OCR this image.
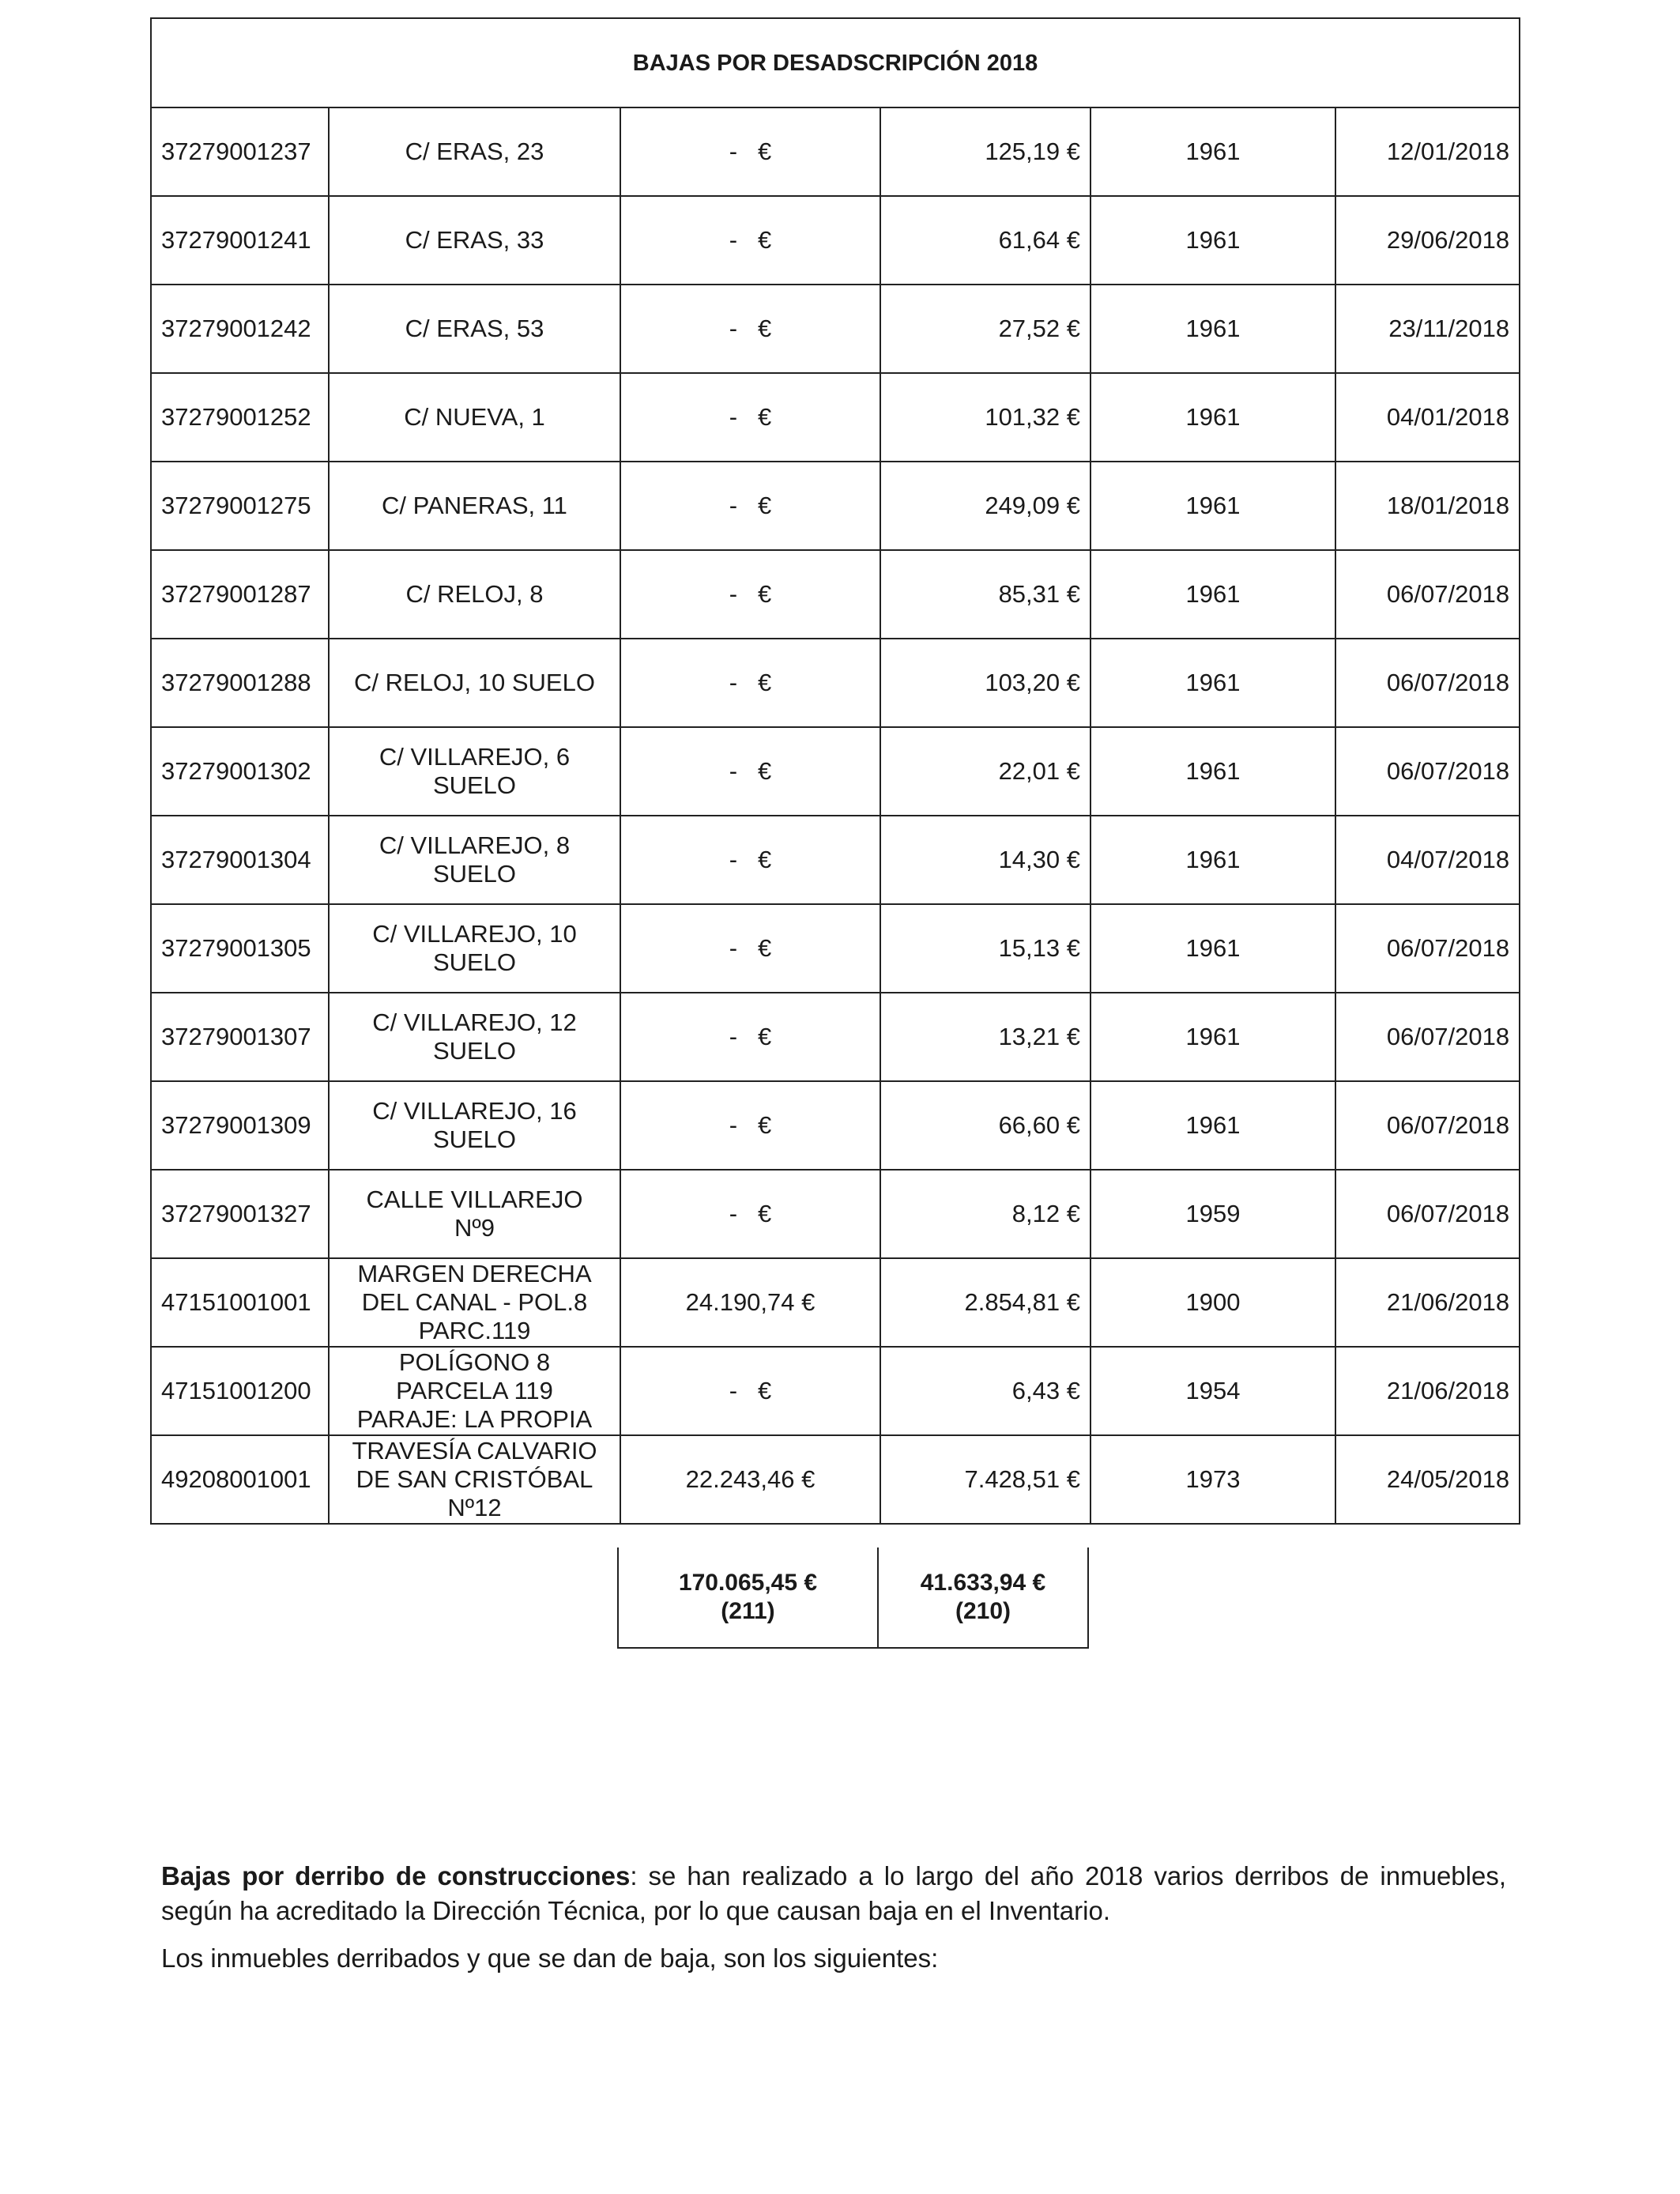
BAJAS POR DESADSCRIPCIÓN 2018					
37279001237	C/ ERAS, 23	-   €	125,19 €	1961	12/01/2018
37279001241	C/ ERAS, 33	-   €	61,64 €	1961	29/06/2018
37279001242	C/ ERAS, 53	-   €	27,52 €	1961	23/11/2018
37279001252	C/ NUEVA, 1	-   €	101,32 €	1961	04/01/2018
37279001275	C/ PANERAS, 11	-   €	249,09 €	1961	18/01/2018
37279001287	C/ RELOJ, 8	-   €	85,31 €	1961	06/07/2018
37279001288	C/ RELOJ, 10 SUELO	-   €	103,20 €	1961	06/07/2018
37279001302	C/ VILLAREJO, 6
SUELO	-   €	22,01 €	1961	06/07/2018
37279001304	C/ VILLAREJO, 8
SUELO	-   €	14,30 €	1961	04/07/2018
37279001305	C/ VILLAREJO, 10
SUELO	-   €	15,13 €	1961	06/07/2018
37279001307	C/ VILLAREJO, 12
SUELO	-   €	13,21 €	1961	06/07/2018
37279001309	C/ VILLAREJO, 16
SUELO	-   €	66,60 €	1961	06/07/2018
37279001327	CALLE VILLAREJO
Nº9	-   €	8,12 €	1959	06/07/2018
47151001001	MARGEN DERECHA
DEL CANAL - POL.8
PARC.119	24.190,74 €	2.854,81 €	1900	21/06/2018
47151001200	POLÍGONO 8
PARCELA 119
PARAJE: LA PROPIA	-   €	6,43 €	1954	21/06/2018
49208001001	TRAVESÍA CALVARIO
DE SAN CRISTÓBAL
Nº12	22.243,46 €	7.428,51 €	1973	24/05/2018
170.065,45 €
(211)

41.633,94 €
(210)

Bajas por derribo de construcciones: se han realizado a lo largo del año 2018 varios derribos de inmuebles, según ha acreditado la Dirección Técnica, por lo que causan baja en el Inventario.

Los inmuebles derribados y que se dan de baja, son los siguientes:
